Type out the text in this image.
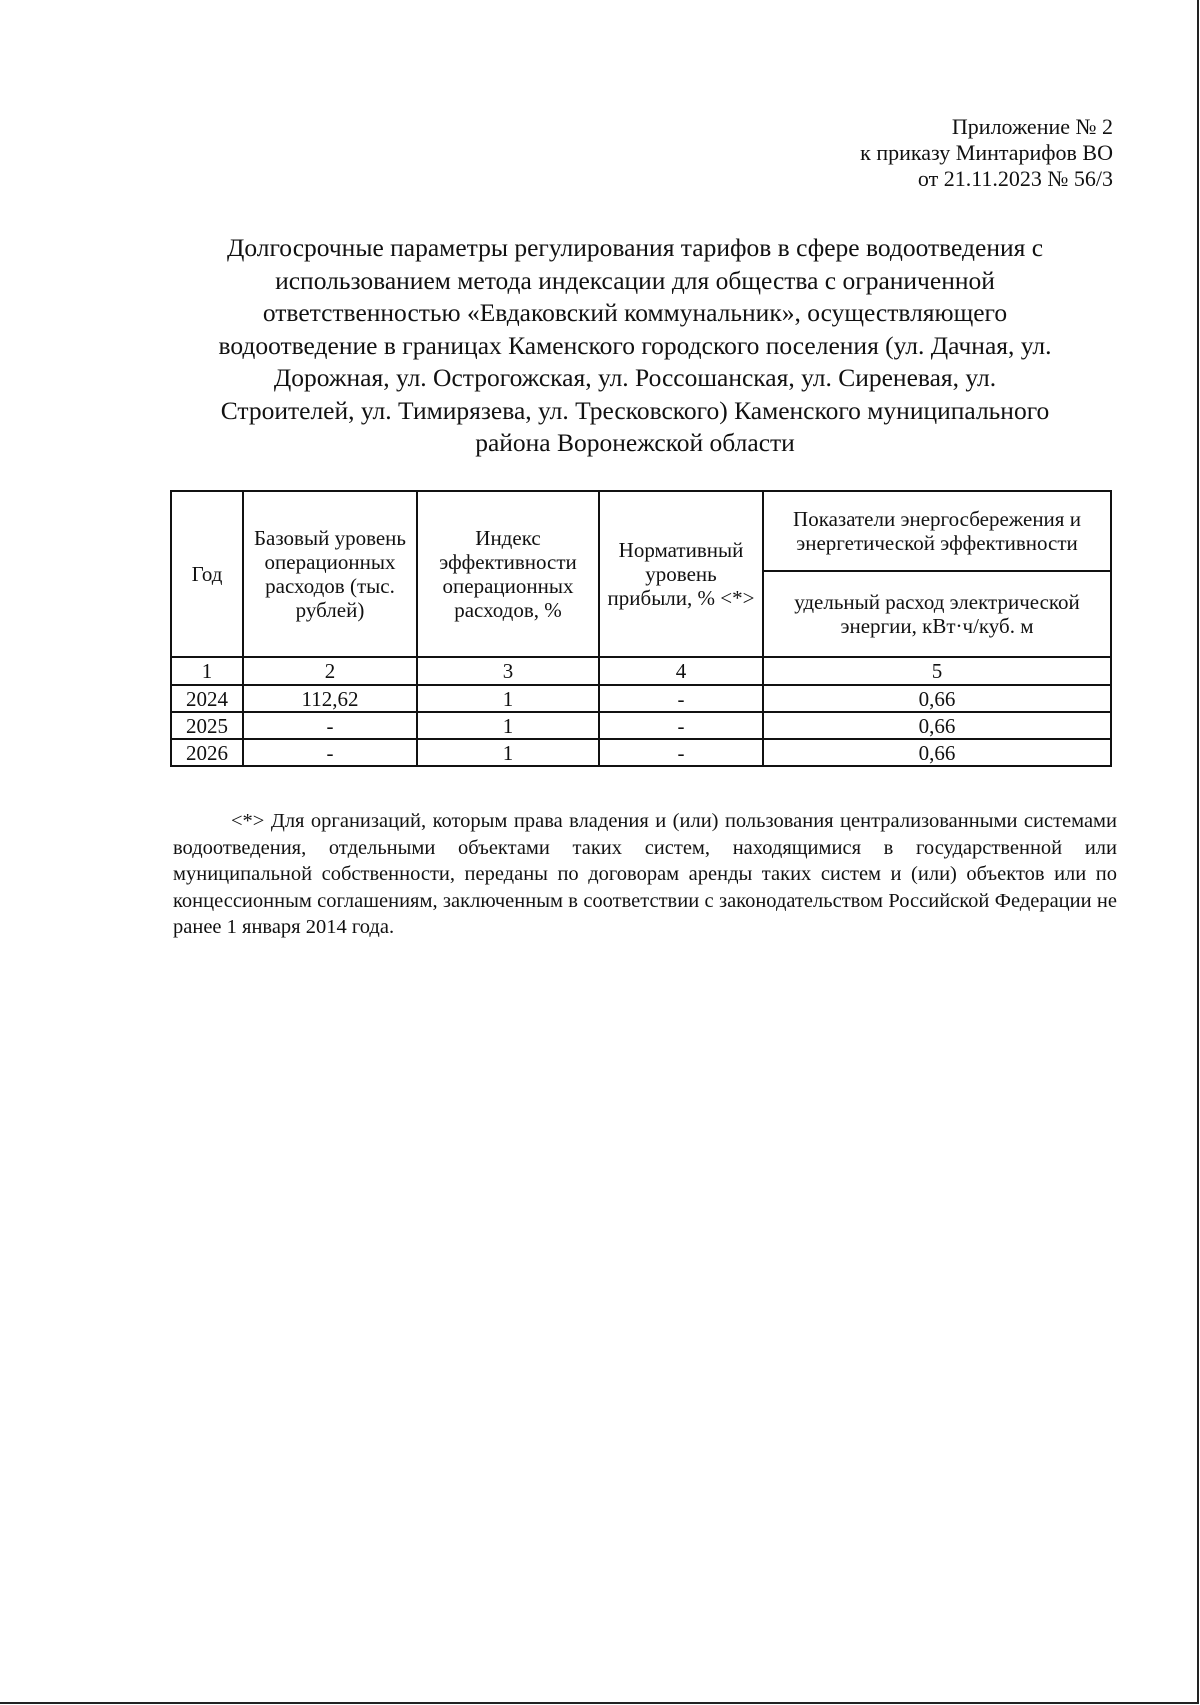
Приложение № 2
к приказу Минтарифов ВО
от 21.11.2023 № 56/3
Долгосрочные параметры регулирования тарифов в сфере водоотведения с
использованием метода индексации для общества с ограниченной
ответственностью «Евдаковский коммунальник», осуществляющего
водоотведение в границах Каменского городского поселения (ул. Дачная, ул.
Дорожная, ул. Острогожская, ул. Россошанская, ул. Сиреневая, ул.
Строителей, ул. Тимирязева, ул. Тресковского) Каменского муниципального
района Воронежской области
Год	Базовый уровень операционных расходов (тыс. рублей)	Индекс эффективности операционных расходов, %	Нормативный уровень прибыли, % <*>	Показатели энергосбережения и энергетической эффективности
				удельный расход электрической энергии, кВт·ч/куб. м
1	2	3	4	5
2024	112,62	1	-	0,66
2025	-	1	-	0,66
2026	-	1	-	0,66
<*> Для организаций, которым права владения и (или) пользования централизованными системами водоотведения, отдельными объектами таких систем, находящимися в государственной или муниципальной собственности, переданы по договорам аренды таких систем и (или) объектов или по концессионным соглашениям, заключенным в соответствии с законодательством Российской Федерации не ранее 1 января 2014 года.
